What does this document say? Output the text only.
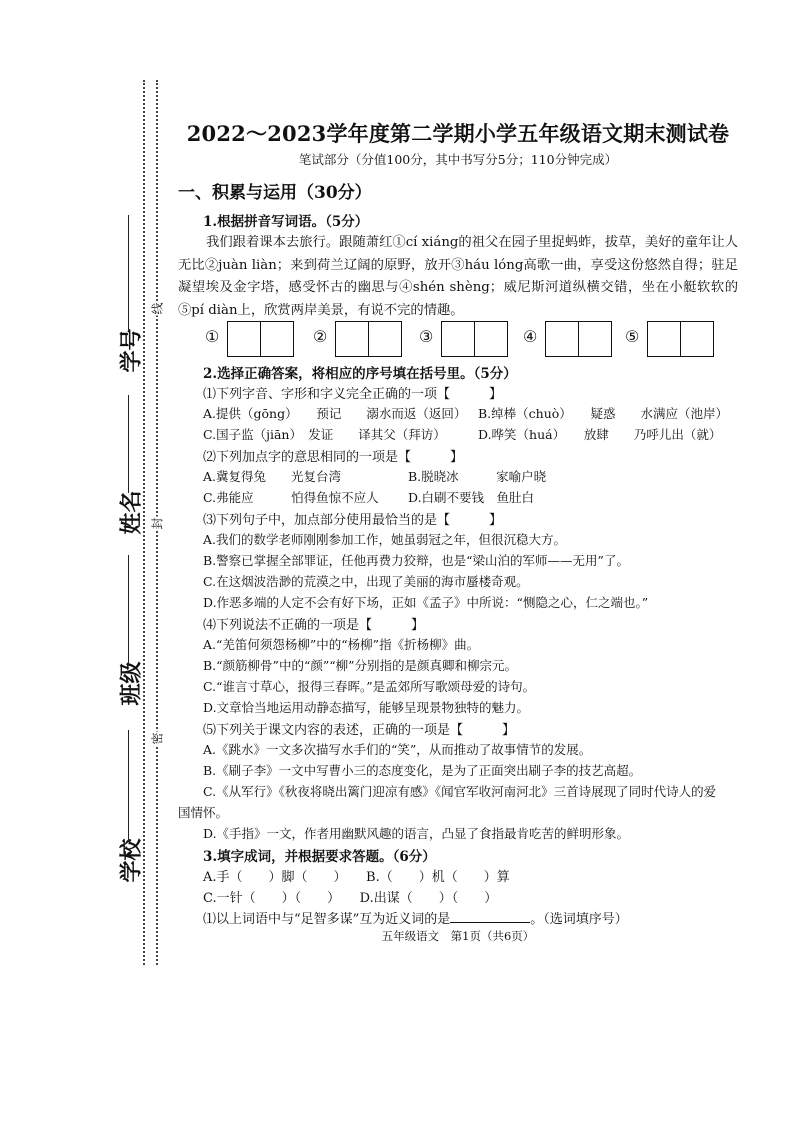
线
封
密
学号
姓名
班级
学校
2022～2023学年度第二学期小学五年级语文期末测试卷
笔试部分（分值100分，其中书写分5分；110分钟完成）
一、积累与运用（30分）
1.根据拼音写词语。（5分）
我们跟着课本去旅行。跟随萧红①cí xiáng的祖父在园子里捉蚂蚱，拔草，美好的童年让人无比②juàn liàn；来到荷兰辽阔的原野，放开③háu lóng高歌一曲，享受这份悠然自得；驻足凝望埃及金字塔，感受怀古的幽思与④shén shèng；威尼斯河道纵横交错，坐在小艇软软的⑤pí diàn上，欣赏两岸美景，有说不完的情趣。
①	②	③	④	⑤
2.选择正确答案，将相应的序号填在括号里。（5分）
⑴下列字音、字形和字义完全正确的一项【　　　】
A.提供（gōng）　　预记　　溺水而返（返回） B.绰棒（chuò）　　疑惑　　水满应（池岸）
C.国子监（jiān）　发证　　译其父（拜访）	D.哗笑（huá）　　放肆　　乃呼儿出（就）
⑵下列加点字的意思相同的一项是【　　　】
A.冀复得兔　　光复台湾	B.脱晓冰　　　家喻户晓
C.弗能应　　　怕得鱼惊不应人 D.白刷不要钱　鱼肚白
⑶下列句子中，加点部分使用最恰当的是【　　　】
A.我们的数学老师刚刚参加工作，她虽弱冠之年，但很沉稳大方。
B.警察已掌握全部罪证，任他再费力狡辩，也是“梁山泊的军师——无用”了。
C.在这烟波浩渺的荒漠之中，出现了美丽的海市蜃楼奇观。
D.作恶多端的人定不会有好下场，正如《孟子》中所说：“恻隐之心，仁之端也。”
⑷下列说法不正确的一项是【　　　】
A.“羌笛何须怨杨柳”中的“杨柳”指《折杨柳》曲。
B.“颜筋柳骨”中的“颜”“柳”分别指的是颜真卿和柳宗元。
C.“谁言寸草心，报得三春晖。”是孟郊所写歌颂母爱的诗句。
D.文章恰当地运用动静态描写，能够呈现景物独特的魅力。
⑸下列关于课文内容的表述，正确的一项是【　　　】
A.《跳水》一文多次描写水手们的“笑”，从而推动了故事情节的发展。
B.《刷子李》一文中写曹小三的态度变化，是为了正面突出刷子李的技艺高超。
C.《从军行》《秋夜将晓出篱门迎凉有感》《闻官军收河南河北》三首诗展现了同时代诗人的爱
国情怀。
D.《手指》一文，作者用幽默风趣的语言，凸显了食指最肯吃苦的鲜明形象。
3.填字成词，并根据要求答题。（6分）
A.手（　　）脚（　　）　　B.（　　）机（　　）算
C.一针（　　）（　　）　　D.出谋（　　）（　　）
⑴以上词语中与“足智多谋”互为近义词的是	。（选词填序号）
五年级语文　第1页（共6页）
